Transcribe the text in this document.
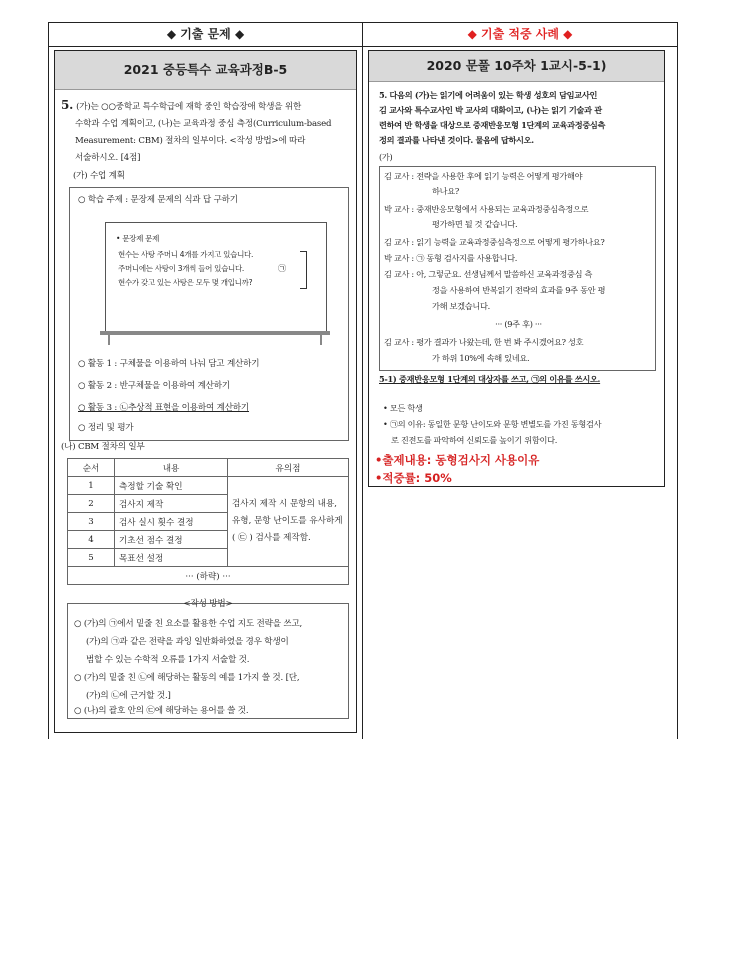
◆ 기출 문제 ◆	◆ 기출 적중 사례 ◆
2021 중등특수 교육과정B-5
5. (가)는 ○○중학교 특수학급에 재학 중인 학습장애 학생을 위한
수학과 수업 계획이고, (나)는 교육과정 중심 측정(Curriculum-based
Measurement: CBM) 절차의 일부이다. <작성 방법>에 따라
서술하시오. [4점]
(가) 수업 계획
○ 학습 주제 : 문장제 문제의 식과 답 구하기
• 문장제 문제
현수는 사탕 주머니 4개를 가지고 있습니다.
주머니에는 사탕이 3개씩 들어 있습니다.
현수가 갖고 있는 사탕은 모두 몇 개입니까?
㉠
○ 활동 1 : 구체물을 이용하여 나눠 담고 계산하기
○ 활동 2 : 반구체물을 이용하여 계산하기
○ 활동 3 : ㉡추상적 표현을 이용하여 계산하기
○ 정리 및 평가
(나) CBM 절차의 일부
순서	내용	유의점
1	측정할 기술 확인	검사지 제작 시 문항의 내용,
유형, 문항 난이도를 유사하게
( ㉢ ) 검사를 제작함.
2	검사지 제작	
3	검사 실시 횟수 결정	
4	기초선 점수 결정	
5	목표선 설정	
··· (하략) ···		
<작성 방법>
○ (가)의 ㉠에서 밑줄 친 요소를 활용한 수업 지도 전략을 쓰고,
(가)의 ㉠과 같은 전략을 과잉 일반화하였을 경우 학생이
범할 수 있는 수학적 오류를 1가지 서술할 것.
○ (가)의 밑줄 친 ㉡에 해당하는 활동의 예를 1가지 쓸 것. [단,
(가)의 ㉡에 근거할 것.]
○ (나)의 괄호 안의 ㉢에 해당하는 용어를 쓸 것.
2020 문풀 10주차 1교시-5-1)
5. 다음의 (가)는 읽기에 어려움이 있는 학생 성호의 담임교사인
김 교사와 특수교사인 박 교사의 대화이고, (나)는 읽기 기술과 관
련하여 반 학생을 대상으로 중재반응모형 1단계의 교육과정중심측
정의 결과를 나타낸 것이다. 물음에 답하시오.
(가)
김 교사 : 전략을 사용한 후에 읽기 능력은 어떻게 평가해야
하나요?
박 교사 : 중재반응모형에서 사용되는 교육과정중심측정으로
평가하면 될 것 같습니다.
김 교사 : 읽기 능력을 교육과정중심측정으로 어떻게 평가하나요?
박 교사 : ㉠ 동형 검사지를 사용합니다.
김 교사 : 아, 그렇군요. 선생님께서 말씀하신 교육과정중심 측
정을 사용하여 반복읽기 전략의 효과를 9주 동안 평
가해 보겠습니다.
··· (9주 후) ···
김 교사 : 평가 결과가 나왔는데, 한 번 봐 주시겠어요? 성호
가 하위 10%에 속해 있네요.
5-1) 중재반응모형 1단계의 대상자를 쓰고, ㉠의 이유를 쓰시오.
• 모든 학생
• ㉠의 이유: 동일한 문항 난이도와 문항 변별도를 가진 동형검사
로 진전도를 파악하여 신뢰도를 높이기 위함이다.
•출제내용: 동형검사지 사용이유
•적중률: 50%
